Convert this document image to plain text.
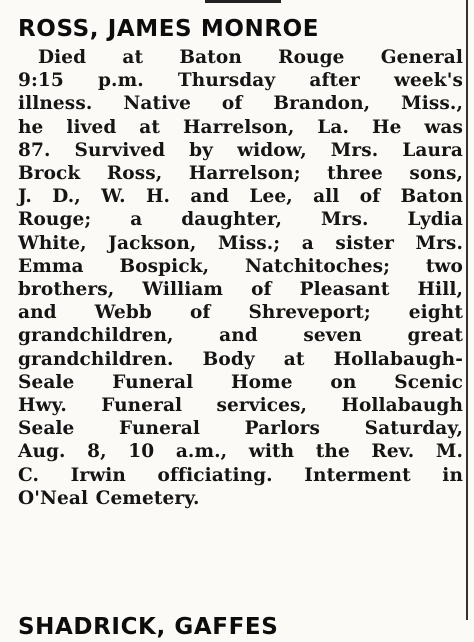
ROSS, JAMES MONROE
Died at Baton Rouge General
9:15 p.m. Thursday after week's
illness. Native of Brandon, Miss.,
he lived at Harrelson, La. He was
87. Survived by widow, Mrs. Laura
Brock Ross, Harrelson; three sons,
J. D., W. H. and Lee, all of Baton
Rouge; a daughter, Mrs. Lydia
White, Jackson, Miss.; a sister Mrs.
Emma Bospick, Natchitoches; two
brothers, William of Pleasant Hill,
and Webb of Shreveport; eight
grandchildren, and seven great
grandchildren. Body at Hollabaugh-
Seale Funeral Home on Scenic
Hwy. Funeral services, Hollabaugh
Seale Funeral Parlors Saturday,
Aug. 8, 10 a.m., with the Rev. M.
C. Irwin officiating. Interment in
O'Neal Cemetery.
SHADRICK, GAFFES
